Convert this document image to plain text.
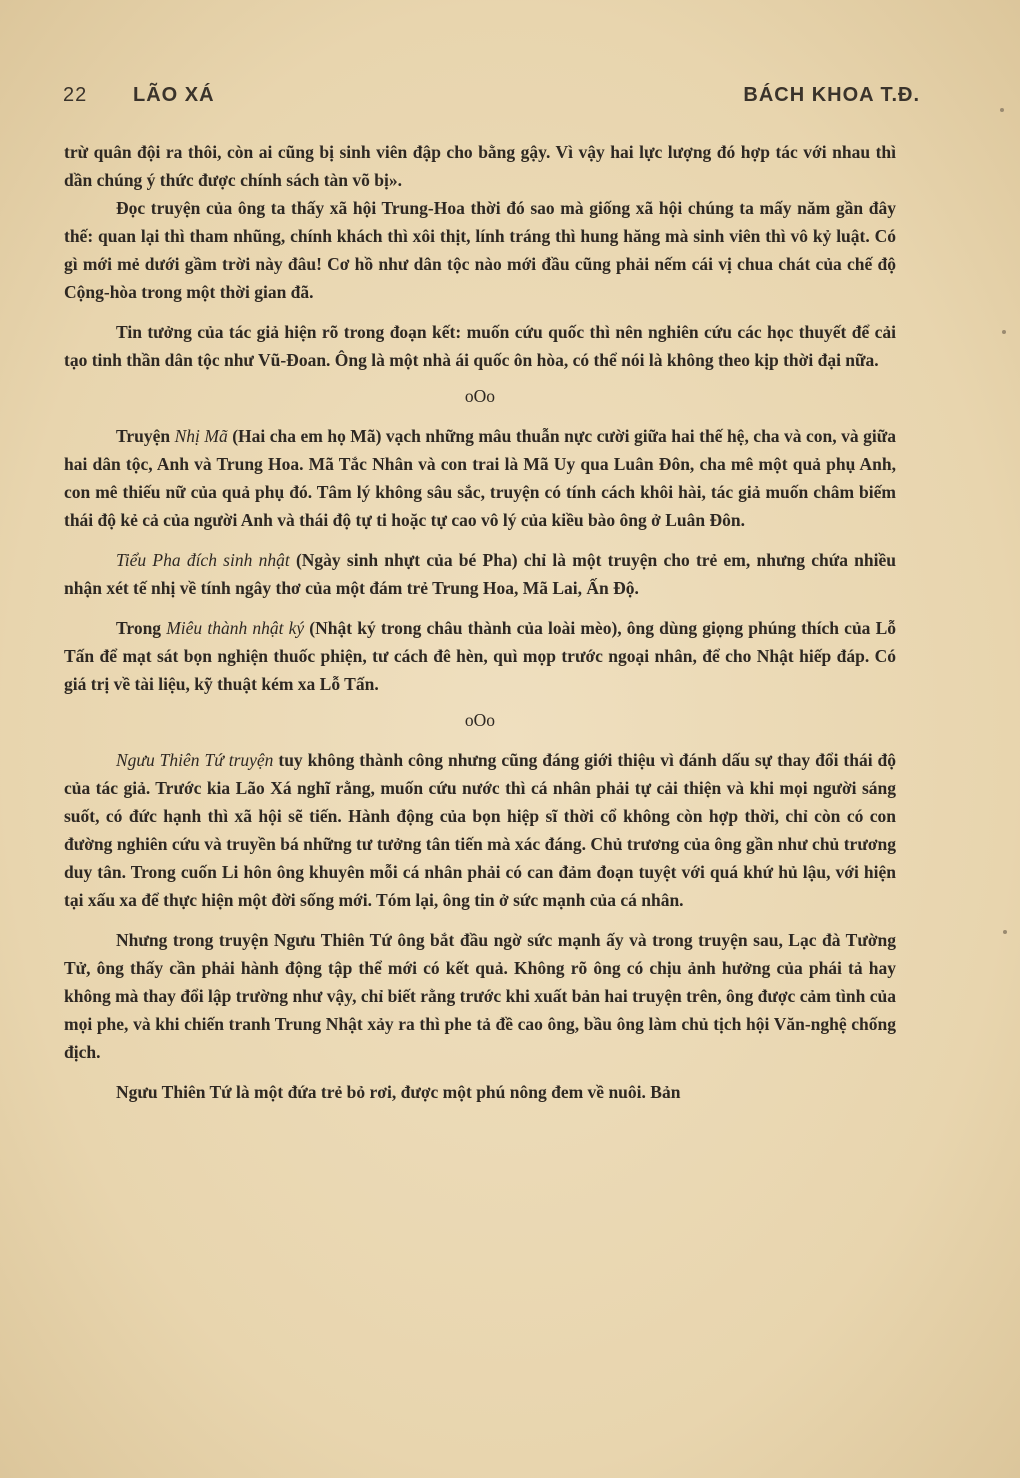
22 LÃO XÁ	BÁCH KHOA T.Đ.

trừ quân đội ra thôi, còn ai cũng bị sinh viên đập cho bằng gậy. Vì vậy hai lực lượng đó hợp tác với nhau thì dần chúng ý thức được chính sách tàn võ bị».

Đọc truyện của ông ta thấy xã hội Trung-Hoa thời đó sao mà giống xã hội chúng ta mấy năm gần đây thế: quan lại thì tham nhũng, chính khách thì xôi thịt, lính tráng thì hung hăng mà sinh viên thì vô kỷ luật. Có gì mới mẻ dưới gầm trời này đâu! Cơ hồ như dân tộc nào mới đầu cũng phải nếm cái vị chua chát của chế độ Cộng-hòa trong một thời gian đã.

Tin tưởng của tác giả hiện rõ trong đoạn kết: muốn cứu quốc thì nên nghiên cứu các học thuyết để cải tạo tinh thần dân tộc như Vũ-Đoan. Ông là một nhà ái quốc ôn hòa, có thể nói là không theo kịp thời đại nữa.

oOo

Truyện Nhị Mã (Hai cha em họ Mã) vạch những mâu thuẫn nực cười giữa hai thế hệ, cha và con, và giữa hai dân tộc, Anh và Trung Hoa. Mã Tắc Nhân và con trai là Mã Uy qua Luân Đôn, cha mê một quả phụ Anh, con mê thiếu nữ của quả phụ đó. Tâm lý không sâu sắc, truyện có tính cách khôi hài, tác giả muốn châm biếm thái độ kẻ cả của người Anh và thái độ tự ti hoặc tự cao vô lý của kiều bào ông ở Luân Đôn.

Tiểu Pha đích sinh nhật (Ngày sinh nhựt của bé Pha) chỉ là một truyện cho trẻ em, nhưng chứa nhiều nhận xét tế nhị về tính ngây thơ của một đám trẻ Trung Hoa, Mã Lai, Ấn Độ.

Trong Miêu thành nhật ký (Nhật ký trong châu thành của loài mèo), ông dùng giọng phúng thích của Lỗ Tấn để mạt sát bọn nghiện thuốc phiện, tư cách đê hèn, quì mọp trước ngoại nhân, để cho Nhật hiếp đáp. Có giá trị về tài liệu, kỹ thuật kém xa Lỗ Tấn.

oOo

Ngưu Thiên Tứ truyện tuy không thành công nhưng cũng đáng giới thiệu vì đánh dấu sự thay đổi thái độ của tác giả. Trước kia Lão Xá nghĩ rằng, muốn cứu nước thì cá nhân phải tự cải thiện và khi mọi người sáng suốt, có đức hạnh thì xã hội sẽ tiến. Hành động của bọn hiệp sĩ thời cổ không còn hợp thời, chỉ còn có con đường nghiên cứu và truyền bá những tư tưởng tân tiến mà xác đáng. Chủ trương của ông gần như chủ trương duy tân. Trong cuốn Li hôn ông khuyên mỗi cá nhân phải có can đảm đoạn tuyệt với quá khứ hủ lậu, với hiện tại xấu xa để thực hiện một đời sống mới. Tóm lại, ông tin ở sức mạnh của cá nhân.

Nhưng trong truyện Ngưu Thiên Tứ ông bắt đầu ngờ sức mạnh ấy và trong truyện sau, Lạc đà Tường Tử, ông thấy cần phải hành động tập thể mới có kết quả. Không rõ ông có chịu ảnh hưởng của phái tả hay không mà thay đổi lập trường như vậy, chỉ biết rằng trước khi xuất bản hai truyện trên, ông được cảm tình của mọi phe, và khi chiến tranh Trung Nhật xảy ra thì phe tả đề cao ông, bầu ông làm chủ tịch hội Văn-nghệ chống địch.

Ngưu Thiên Tứ là một đứa trẻ bỏ rơi, được một phú nông đem về nuôi. Bản
